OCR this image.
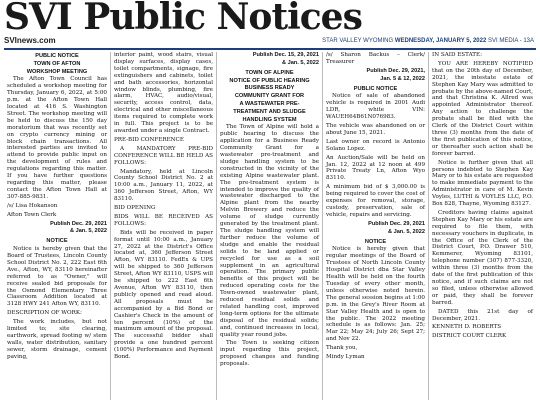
SVI Public Notices
SVInews.com	STAR VALLEY WYOMING WEDNESDAY, JANUARY 5, 2022 SVI MEDIA - 13A
PUBLIC NOTICE
TOWN OF AFTON
WORKSHOP MEETING

The Afton Town Council has scheduled a workshop meeting for Thursday, January 6, 2022, at 5:00 p.m. at the Afton Town Hall located at 416 S. Washington Street. The workshop meeting will be held to discuss the 150 day moratorium that was recently set on crypto currency mining or block chain transactions. All interested parties are invited to attend to provide public input on the development of rules and regulations regarding this matter. If you have further questions regarding this matter, please contact the Afton Town Hall at 307-885-9831.

/s/ Lisa Hokanson

Afton Town Clerk

Publish Dec. 29, 2021

& Jan. 5, 2022

NOTICE

Notice is hereby given that the Board of Trustees, Lincoln County School District No. 2, 222 East 6th Ave., Afton, WY, 83110 hereinafter referred to as "Owner," will receive sealed bid proposals for the Osmond Elementary Three Classroom Addition located at 3128 HWY 241 Afton WY, 83110.

DESCRIPTION OF WORK:

The work includes, but not limited to; site clearing, earthwork, spread footing w/ stem walls, water distribution, sanitary sewer, storm drainage, cement paving,

interior paint, wood stairs, visual display surfaces, display cases, toilet compartments, signage, fire extinguishers and cabinets, toilet and bath accessories, horizontal window blinds, plumbing, fire alarm, HVAC, audio/visual, security, access control, data, electrical and other miscellaneous items required to complete work in full. This project is to be awarded under a single Contract.

PRE-BID CONFERENCE

A MANDATORY PRE-BID CONFERENCE WILL BE HELD AS FOLLOWS:

Mandatory, held at Lincoln County School District No. 2 at 10:00 a.m., January 11, 2022, at 360 Jefferson Street, Afton, WY 83110.

BID OPENING

BIDS WILL BE RECEIVED AS FOLLOWS:

Bids will be received in paper format until 10:00 a.m., January 27, 2022 at the District's Office located at, 360 Jefferson Street Afton, WY 83110. FedEx & UPS will be shipped to 360 Jefferson Street, Afton WY 83110, USPS will be shipped to 222 East 6th Avenue, Afton WY 83110, then publicly opened and read aloud. All proposals must be accompanied by a Bid Bond or Cashier's Check in the amount of ten percent (10%) of the maximum amount of the proposal. The successful bidder shall provide a one hundred percent (100%) Performance and Payment Bond.

Publish Dec. 15, 29, 2021

& Jan. 5, 2022

TOWN OF ALPINE
NOTICE OF PUBLIC HEARING
BUSINESS READY
COMMUNITY GRANT FOR
A WASTEWATER PRE-
TREATMENT AND SLUDGE
HANDLING SYSTEM

The Town of Alpine will hold a public hearing to discuss the application for a Business Ready Community Grant for a wastewater pre-treatment and sludge handling system to be constructed in the vicinity of the existing Alpine wastewater plant. The pre-treatment system is intended to improve the quality of wastewater discharged to the Alpine plant from the nearby Melvin Brewery and reduce the volume of sludge currently generated by the treatment plant. The sludge handling system will further reduce the volume of sludge and enable the residual solids to be land applied or recycled for use as a soil supplement in an agricultural operation. The primary public benefits of this project will be reduced operating costs for the Town-owned wastewater plant, reduced residual solids and related handling cost, improved long-term options for the ultimate disposal of the residual solids; and, continued increases in local, quality year round jobs.

The Town is seeking citizen input regarding this project, proposed changes and funding proposals.

/s/ Sharon Backus – Clerk/ Treasurer

Publish Dec. 29, 2021,

Jan. 5 & 12, 2022

PUBLIC NOTICE

Notice of sale of abandoned vehicle is required in 2001 Audi LDR, white VIN: WAUEH64B61N076983.

The vehicle was abandoned on or about June 15, 2021.

Last owner on record is Antonio Solano Lopez.

An Auction/Sale will be held on Jan. 12, 2022 at 12 noon at 499 Private Treaty Ln, Afton Wyo 83110.

A minimum bid of $ 3,000.00 is being required to cover the cost of expenses for removal, storage, custody, preservation, sale of vehicle, repairs and servicing.

Publish Dec. 29, 2021

& Jan. 5, 2022

NOTICE

Notice is hereby given that regular meetings of the Board of Trustees of North Lincoln County Hospital District dba Star Valley Health will be held on the fourth Tuesday of every other month, unless otherwise noted herein. The general session begins at 1:00 p.m. in the Grey's River Room at Star Valley Health and is open to the public. The 2022 meeting schedule is as follows: Jan. 25; Mar 22; May 24; July 26; Sept 27; and Nov 22.

Thank you,

Mindy Lyman

IN SAID ESTATE:

YOU ARE HEREBY NOTIFIED that on the 20th day of December, 2021, the intestate estate of Stephen Kay Mary was admitted to probate by the above-named Court, and that Christina K. Allred was appointed Administrator thereof. Any action to challenge the probate shall be filed with the Clerk of the District Court within three (3) months from the date of the first publication of this notice, or thereafter such action shall be forever barred.

Notice is further given that all persons indebted to Stephen Kay Mary or to his estate are requested to make immediate payment to the Administrator in care of M. Kevin Voyles, LUTHI & VOYLES LLC, P.O. Box 828, Thayne, Wyoming 83127.

Creditors having claims against Stephen Kay Mary or his estate are required to file them, with necessary vouchers in duplicate, in the Office of the Clerk of the District Court, P.O. Drawer 510, Kemmerer, Wyoming 83101, telephone number (307) 877-3320, within three (3) months from the date of the first publication of this notice, and if such claims are not so filed, unless otherwise allowed or paid, they shall be forever barred.

DATED this 21st day of December, 2021.

KENNETH D. ROBERTS

DISTRICT COURT CLERK
